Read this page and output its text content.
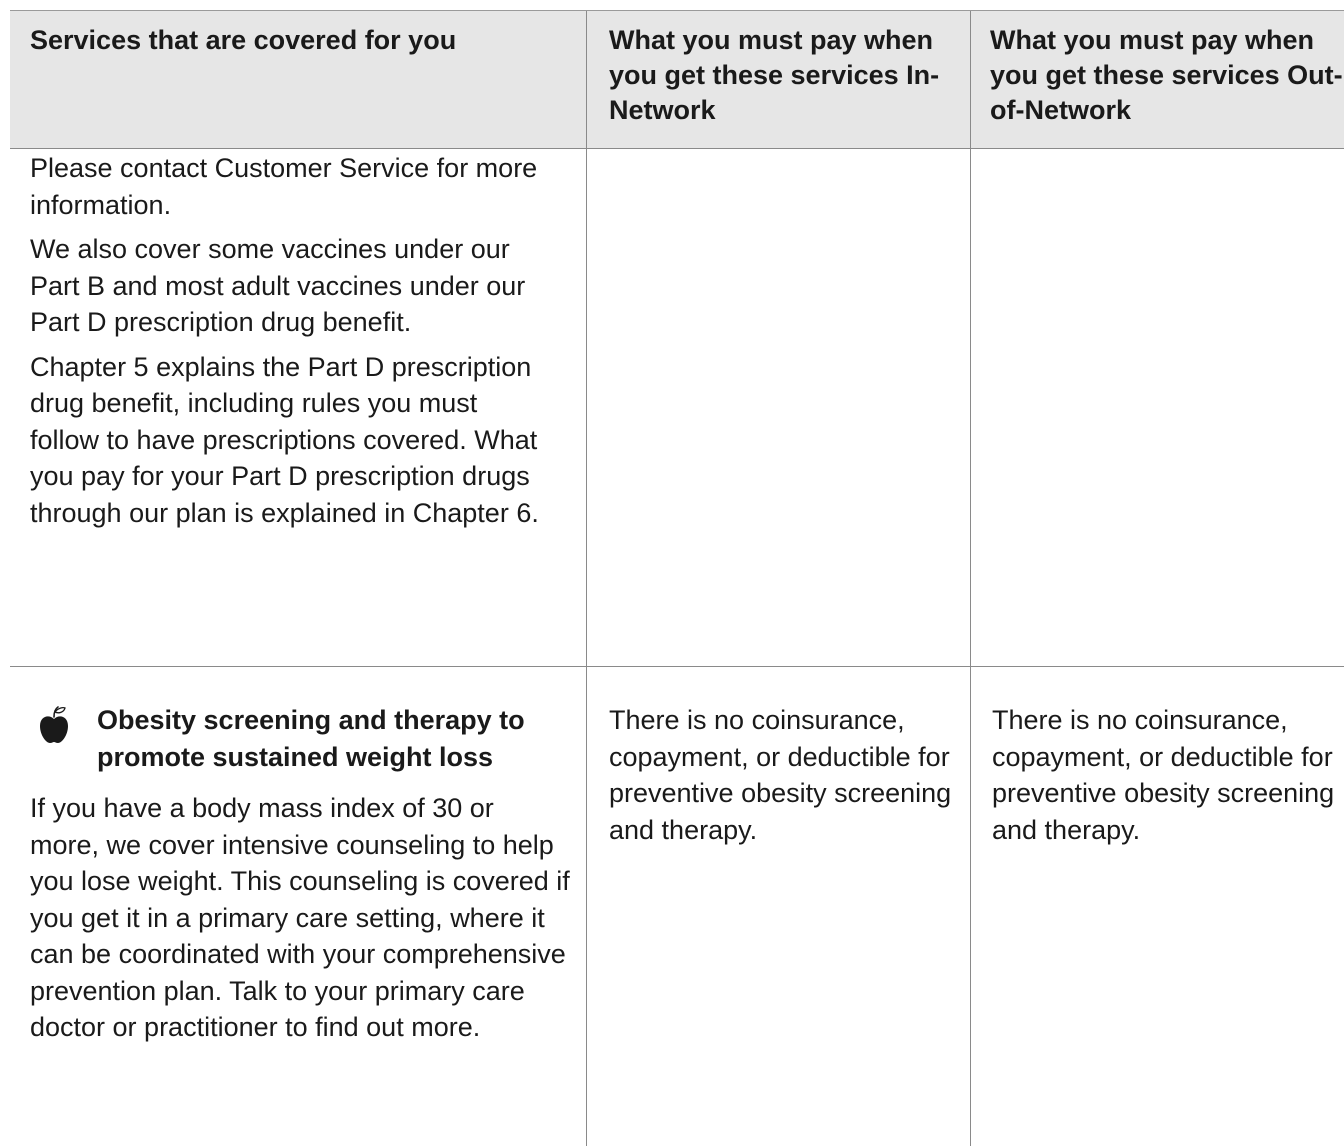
Services that are covered for you	What you must pay when you get these services In-Network
What you must pay when you get these services Out-of-Network

Please contact Customer Service for more information.

We also cover some vaccines under our Part B and most adult vaccines under our Part D prescription drug benefit.

Chapter 5 explains the Part D prescription drug benefit, including rules you must follow to have prescriptions covered. What you pay for your Part D prescription drugs through our plan is explained in Chapter 6.

Obesity screening and therapy to promote sustained weight loss

If you have a body mass index of 30 or more, we cover intensive counseling to help you lose weight. This counseling is covered if you get it in a primary care setting, where it can be coordinated with your comprehensive prevention plan. Talk to your primary care doctor or practitioner to find out more.

There is no coinsurance, copayment, or deductible for preventive obesity screening and therapy.
There is no coinsurance, copayment, or deductible for preventive obesity screening and therapy.
